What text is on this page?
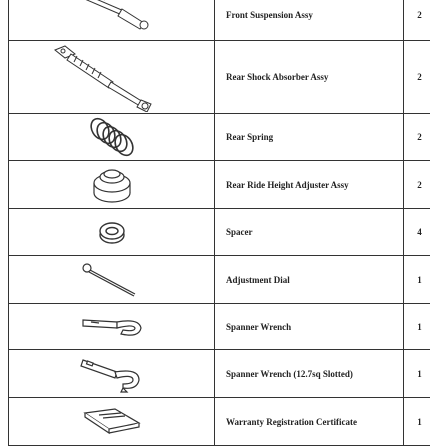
	Front Suspension Assy	2

	Rear Shock Absorber Assy	2

	Rear Spring	2

	Rear Ride Height Adjuster Assy	2

	Spacer	4

	Adjustment Dial	1

	Spanner Wrench	1

	Spanner Wrench (12.7sq Slotted)	1

	Warranty Registration Certificate	1
